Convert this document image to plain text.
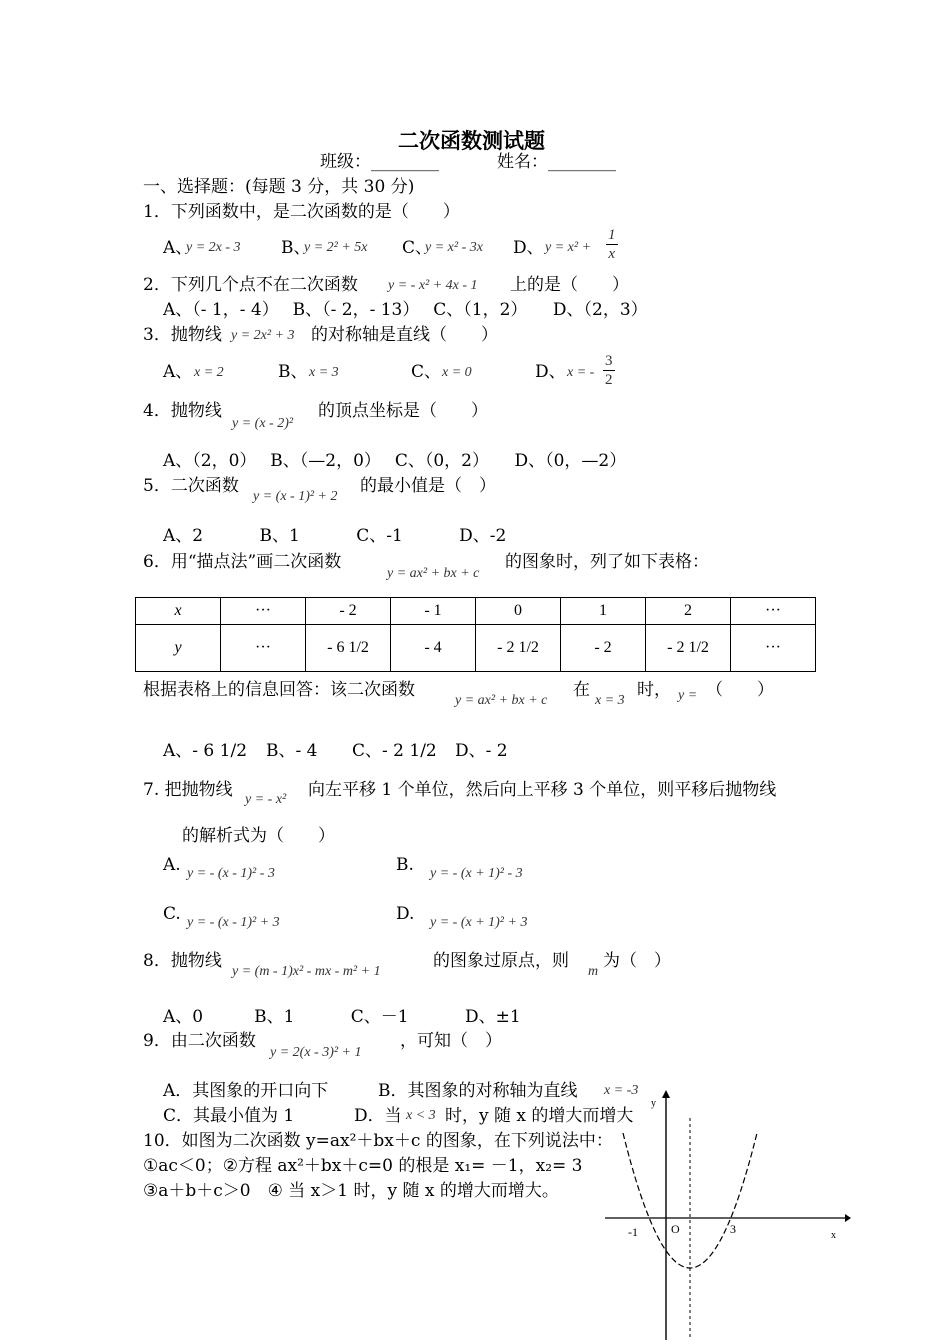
二次函数测试题
班级：________	姓名：________
一、选择题：(每题 3 分，共 30 分)
1．下列函数中，是二次函数的是（　　）
A、
y = 2x - 3 B、
y = 2² + 5x C、
y = x² - 3x D、 $y = x^2 + \frac{1}{x}$
2．下列几个点不在二次函数 y = - x² + 4x - 1 上的是（　　）
A、（- 1，- 4）　 B、（- 2，- 13）　 C、（1，2）　　D、（2，3）
3．抛物线 y = 2x² + 3 的对称轴是直线（　　）
A、 x = 2	B、 x = 3	C、 x = 0	D、 x = - $\frac{3}{2}$
4．抛物线
y = (x - 2)²
的顶点坐标是（　　）
A、（2，0）　 B、（—2，0）　 C、（0，2）　　D、（0，—2）
5．二次函数
y = (x - 1)² + 2
的最小值是（　）
A、2　　　 B、1　　　 C、-1　　　 D、-2
6．用“描点法”画二次函数
y = ax² + bx + c
的图象时，列了如下表格：
x	···	- 2	- 1	0	1	2	···
y	···	- 6 1/2	- 4	- 2 1/2	- 2	- 2 1/2	···
根据表格上的信息回答：该二次函数
y = ax² + bx + c
在
x = 3
时， y = （　　）
A、- 6 1/2 B、- 4 C、- 2 1/2 D、- 2
7. 把抛物线 y = - x² 向左平移 1 个单位，然后向上平移 3 个单位，则平移后抛物线
的解析式为（　　）
A. y = - (x - 1)² - 3	B. y = - (x + 1)² - 3
C. y = - (x - 1)² + 3	D. y = - (x + 1)² + 3
8．抛物线
y = (m - 1)x² - mx - m² + 1
的图象过原点，则
m
为（　）
A、0　　　B、1　　　 C、－1　　　 D、±1
9．由二次函数
y = 2(x - 3)² + 1
，可知（　）
A．其图象的开口向下	B．其图象的对称轴为直线 x = -3
C．其最小值为 1	D．当 x < 3 时，y 随 x 的增大而增大
10．如图为二次函数 y=ax²＋bx＋c 的图象，在下列说法中：
①ac＜0；②方程 ax²＋bx＋c=0 的根是 x₁= －1，x₂= 3
③a＋b＋c＞0　④ 当 x＞1 时，y 随 x 的增大而增大。
y
x
O
-1	3
